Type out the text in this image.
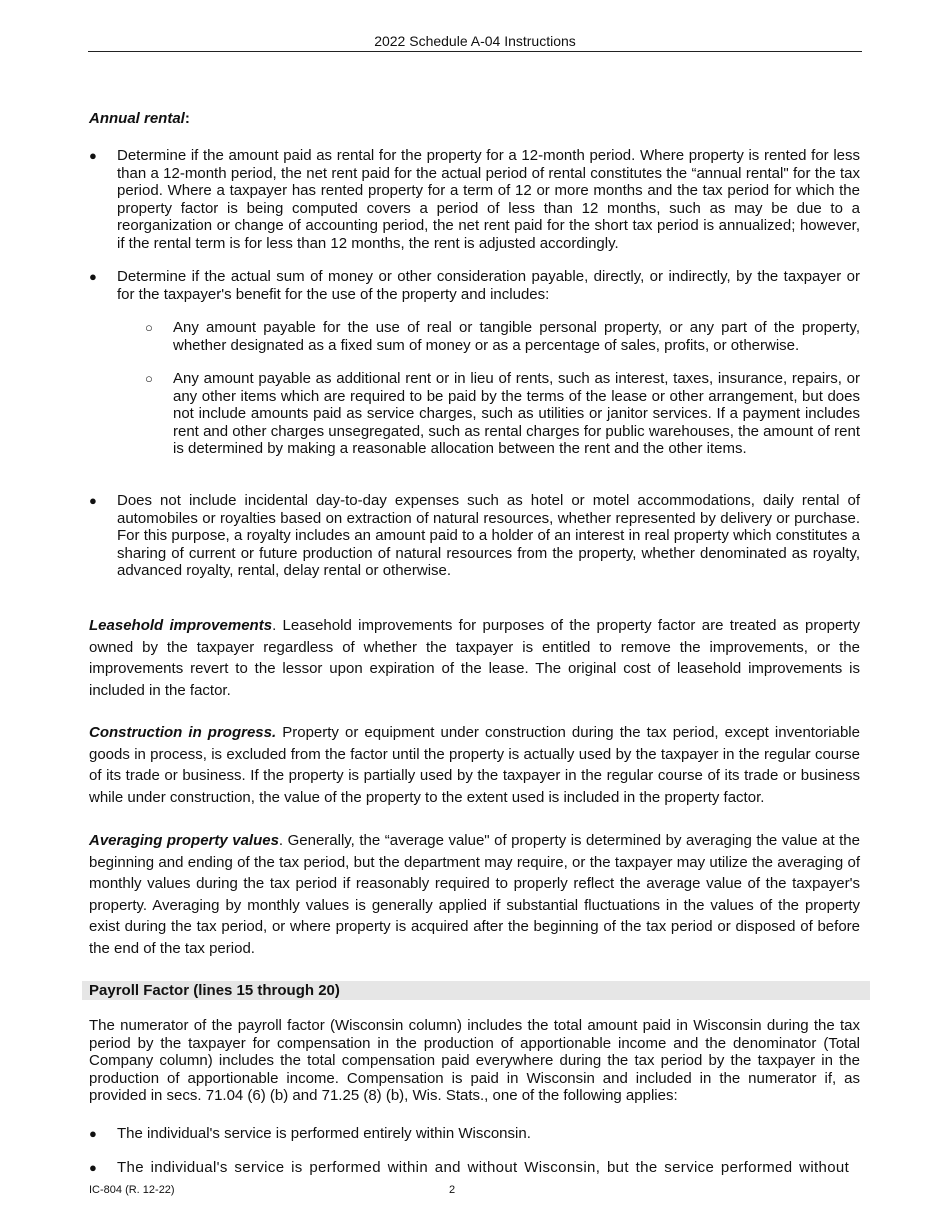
2022 Schedule A-04 Instructions

Annual rental:

● Determine if the amount paid as rental for the property for a 12-month period. Where property is rented for less than a 12-month period, the net rent paid for the actual period of rental constitutes the “annual rental" for the tax period. Where a taxpayer has rented property for a term of 12 or more months and the tax period for which the property factor is being computed covers a period of less than 12 months, such as may be due to a reorganization or change of accounting period, the net rent paid for the short tax period is annualized; however, if the rental term is for less than 12 months, the rent is adjusted accordingly.
● Determine if the actual sum of money or other consideration payable, directly, or indirectly, by the taxpayer or for the taxpayer's benefit for the use of the property and includes:
○ Any amount payable for the use of real or tangible personal property, or any part of the property, whether designated as a fixed sum of money or as a percentage of sales, profits, or otherwise.
○ Any amount payable as additional rent or in lieu of rents, such as interest, taxes, insurance, repairs, or any other items which are required to be paid by the terms of the lease or other arrangement, but does not include amounts paid as service charges, such as utilities or janitor services. If a payment includes rent and other charges unsegregated, such as rental charges for public warehouses, the amount of rent is determined by making a reasonable allocation between the rent and the other items.
● Does not include incidental day-to-day expenses such as hotel or motel accommodations, daily rental of automobiles or royalties based on extraction of natural resources, whether represented by delivery or purchase. For this purpose, a royalty includes an amount paid to a holder of an interest in real property which constitutes a sharing of current or future production of natural resources from the property, whether denominated as royalty, advanced royalty, rental, delay rental or otherwise.

Leasehold improvements. Leasehold improvements for purposes of the property factor are treated as property owned by the taxpayer regardless of whether the taxpayer is entitled to remove the improvements, or the improvements revert to the lessor upon expiration of the lease. The original cost of leasehold improvements is included in the factor.

Construction in progress. Property or equipment under construction during the tax period, except inventoriable goods in process, is excluded from the factor until the property is actually used by the taxpayer in the regular course of its trade or business. If the property is partially used by the taxpayer in the regular course of its trade or business while under construction, the value of the property to the extent used is included in the property factor.

Averaging property values. Generally, the “average value" of property is determined by averaging the value at the beginning and ending of the tax period, but the department may require, or the taxpayer may utilize the averaging of monthly values during the tax period if reasonably required to properly reflect the average value of the taxpayer's property. Averaging by monthly values is generally applied if substantial fluctuations in the values of the property exist during the tax period, or where property is acquired after the beginning of the tax period or disposed of before the end of the tax period.

Payroll Factor (lines 15 through 20)

The numerator of the payroll factor (Wisconsin column) includes the total amount paid in Wisconsin during the tax period by the taxpayer for compensation in the production of apportionable income and the denominator (Total Company column) includes the total compensation paid everywhere during the tax period by the taxpayer in the production of apportionable income. Compensation is paid in Wisconsin and included in the numerator if, as provided in secs. 71.04 (6) (b) and 71.25 (8) (b), Wis. Stats., one of the following applies:

● The individual's service is performed entirely within Wisconsin.
● The individual's service is performed within and without Wisconsin, but the service performed without
IC-804 (R. 12-22)	2
